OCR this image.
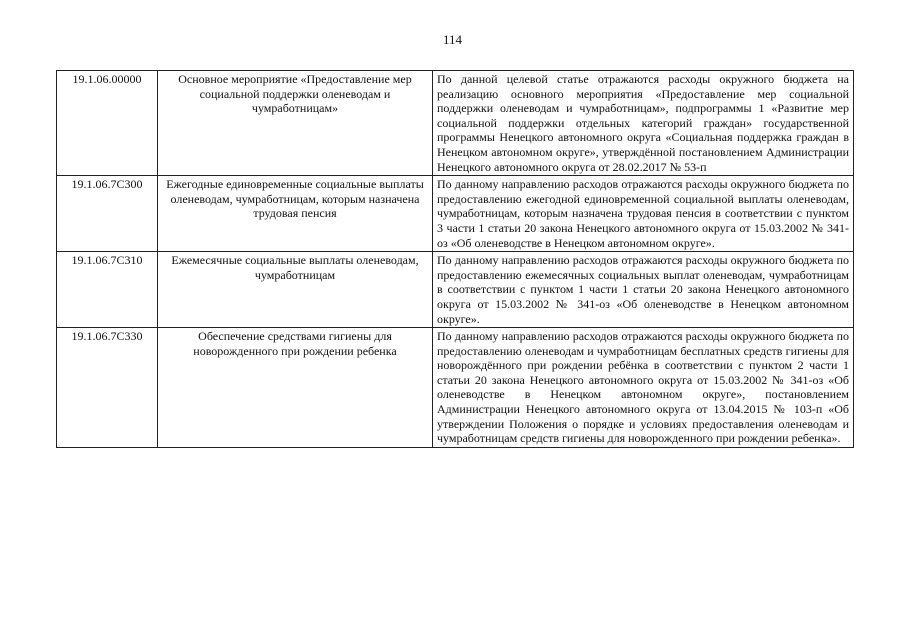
114
19.1.06.00000	Основное мероприятие «Предоставление мер социальной поддержки оленеводам и чумработницам»	По данной целевой статье отражаются расходы окружного бюджета на реализацию основного мероприятия «Предоставление мер социальной поддержки оленеводам и чумработницам», подпрограммы 1 «Развитие мер социальной поддержки отдельных категорий граждан» государственной программы Ненецкого автономного округа «Социальная поддержка граждан в Ненецком автономном округе», утверждённой постановлением Администрации Ненецкого автономного округа от 28.02.2017 № 53-п
19.1.06.7С300	Ежегодные единовременные социальные выплаты оленеводам, чумработницам, которым назначена трудовая пенсия	По данному направлению расходов отражаются расходы окружного бюджета по предоставлению ежегодной единовременной социальной выплаты оленеводам, чумработницам, которым назначена трудовая пенсия в соответствии с пунктом 3 части 1 статьи 20 закона Ненецкого автономного округа от 15.03.2002 № 341-оз «Об оленеводстве в Ненецком автономном округе».
19.1.06.7С310	Ежемесячные социальные выплаты оленеводам, чумработницам	По данному направлению расходов отражаются расходы окружного бюджета по предоставлению ежемесячных социальных выплат оленеводам, чумработницам в соответствии с пунктом 1 части 1 статьи 20 закона Ненецкого автономного округа от 15.03.2002 № 341-оз «Об оленеводстве в Ненецком автономном округе».
19.1.06.7С330	Обеспечение средствами гигиены для новорожденного при рождении ребенка	По данному направлению расходов отражаются расходы окружного бюджета по предоставлению оленеводам и чумработницам бесплатных средств гигиены для новорождённого при рождении ребёнка в соответствии с пунктом 2 части 1 статьи 20 закона Ненецкого автономного округа от 15.03.2002 № 341-оз «Об оленеводстве в Ненецком автономном округе», постановлением Администрации Ненецкого автономного округа от 13.04.2015 № 103-п «Об утверждении Положения о порядке и условиях предоставления оленеводам и чумработницам средств гигиены для новорожденного при рождении ребенка».
